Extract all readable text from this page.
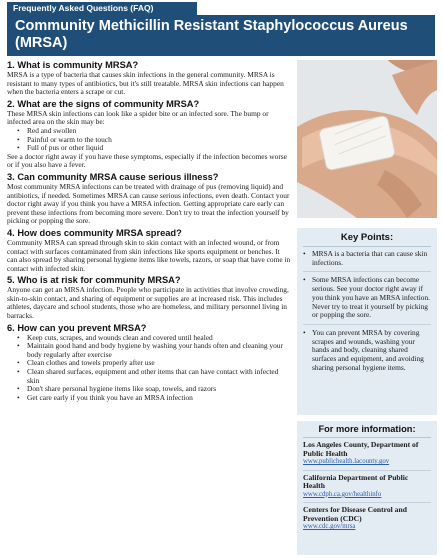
Frequently Asked Questions (FAQ)
Community Methicillin Resistant Staphylococcus Aureus
(MRSA)
1. What is community MRSA?
MRSA is a type of bacteria that causes skin infections in the general community. MRSA is resistant to many types of antibiotics, but it's still treatable. MRSA skin infections can happen when the bacteria enters a scrape or cut.
2. What are the signs of community MRSA?
These MRSA skin infections can look like a spider bite or an infected sore. The bump or infected area on the skin may be:
• Red and swollen
• Painful or warm to the touch
• Full of pus or other liquid
See a doctor right away if you have these symptoms, especially if the infection becomes worse or if you also have a fever.
3. Can community MRSA cause serious illness?
Most community MRSA infections can be treated with drainage of pus (removing liquid) and antibiotics, if needed. Sometimes MRSA can cause serious infections, even death. Contact your doctor right away if you think you have a MRSA infection. Getting appropriate care early can prevent these infections from becoming more severe. Don't try to treat the infection yourself by picking or popping the sore.
4. How does community MRSA spread?
Community MRSA can spread through skin to skin contact with an infected wound, or from contact with surfaces contaminated from skin infections like sports equipment or benches. It can also spread by sharing personal hygiene items like towels, razors, or soap that have come in contact with infected skin.
5. Who is at risk for community MRSA?
Anyone can get an MRSA infection. People who participate in activities that involve crowding, skin-to-skin contact, and sharing of equipment or supplies are at increased risk. This includes athletes, daycare and school students, those who are homeless, and military personnel living in barracks.
6. How can you prevent MRSA?
• Keep cuts, scrapes, and wounds clean and covered until healed
• Maintain good hand and body hygiene by washing your hands often and cleaning your body regularly after exercise
• Clean clothes and towels properly after use
• Clean shared surfaces, equipment and other items that can have contact with infected skin
• Don't share personal hygiene items like soap, towels, and razors
• Get care early if you think you have an MRSA infection
Key Points:
• MRSA is a bacteria that can cause skin infections.
• Some MRSA infections can become serious. See your doctor right away if you think you have an MRSA infection. Never try to treat it yourself by picking or popping the sore.
• You can prevent MRSA by covering scrapes and wounds, washing your hands and body, cleaning shared surfaces and equipment, and avoiding sharing personal hygiene items.
For more information:
Los Angeles County, Department of Public Health
www.publichealth.lacounty.gov
California Department of Public Health
www.cdph.ca.gov/healthinfo
Centers for Disease Control and Prevention (CDC)
www.cdc.gov/mrsa
